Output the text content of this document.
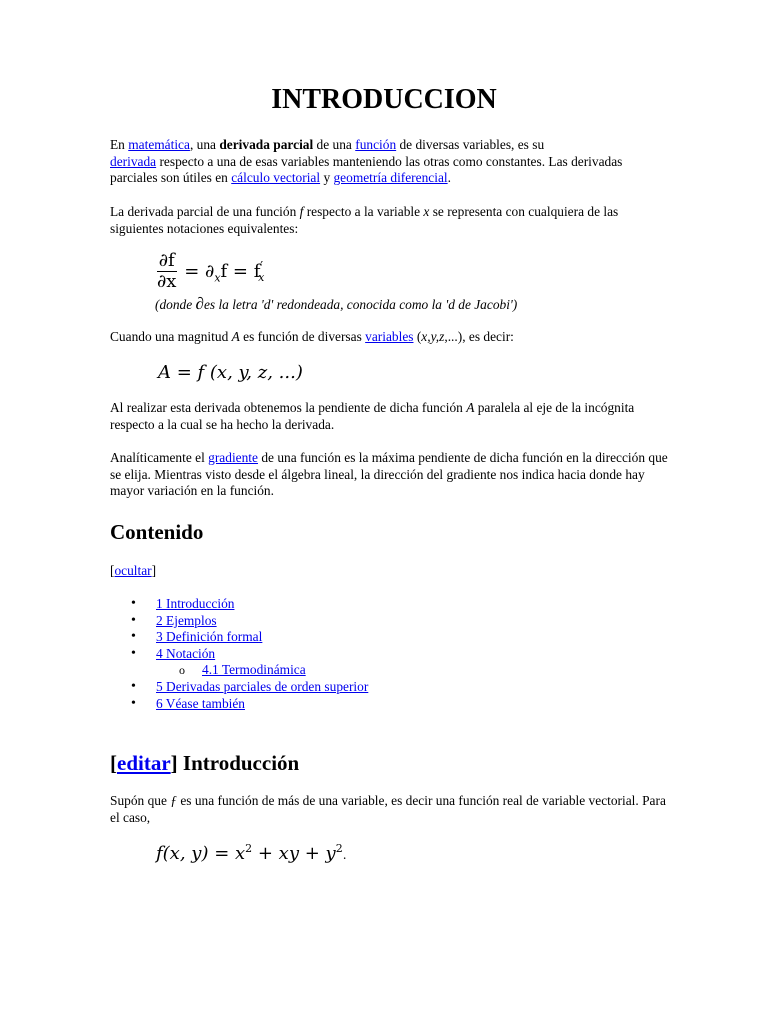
INTRODUCCION

En matemática, una derivada parcial de una función de diversas variables, es su
derivada respecto a una de esas variables manteniendo las otras como constantes. Las derivadas parciales son útiles en cálculo vectorial y geometría diferencial.

La derivada parcial de una función f respecto a la variable x se representa con cualquiera de las siguientes notaciones equivalentes:

$\frac{\partial f}{\partial x} = \partial_xf = f'_x$
(donde ∂es la letra 'd' redondeada, conocida como la 'd de Jacobi')

Cuando una magnitud A es función de diversas variables (x,y,z,...), es decir:

A = f (x, y, z, ...)

Al realizar esta derivada obtenemos la pendiente de dicha función A paralela al eje de la incógnita respecto a la cual se ha hecho la derivada.

Analíticamente el gradiente de una función es la máxima pendiente de dicha función en la dirección que se elija. Mientras visto desde el álgebra lineal, la dirección del gradiente nos indica hacia donde hay mayor variación en la función.

Contenido
[ocultar]
• 1 Introducción
• 2 Ejemplos
• 3 Definición formal
• 4 Notación
o 4.1 Termodinámica
• 5 Derivadas parciales de orden superior
• 6 Véase también
[editar] Introducción

Supón que ƒ es una función de más de una variable, es decir una función real de variable vectorial. Para el caso,

f(x, $y) = x^2$ + xy + $y^2$.
